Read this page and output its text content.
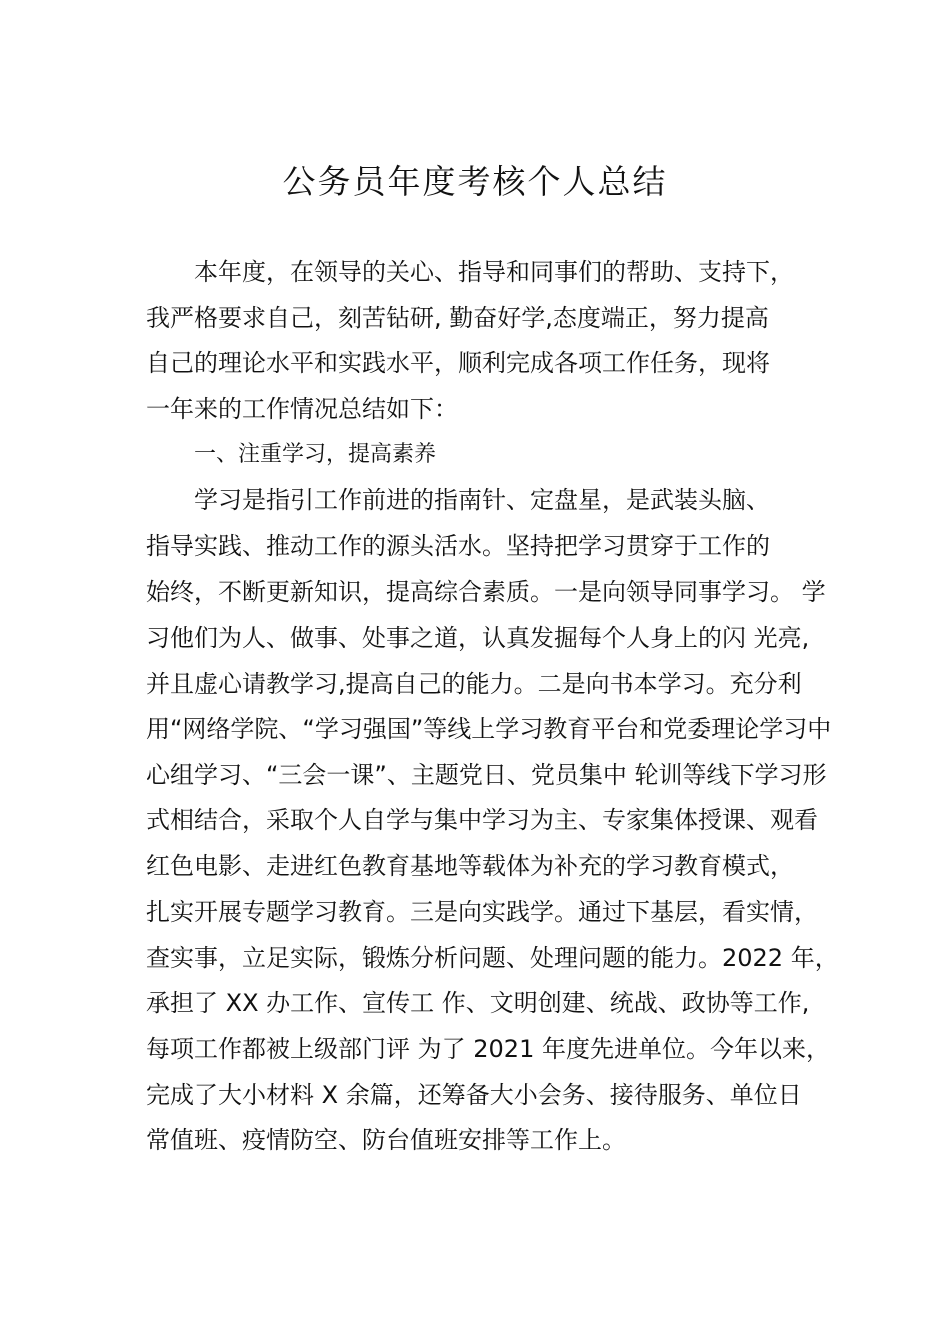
公务员年度考核个人总结
本年度，在领导的关心、指导和同事们的帮助、支持下，
我严格要求自己，刻苦钻研, 勤奋好学,态度端正，努力提高
自己的理论水平和实践水平，顺利完成各项工作任务，现将
一年来的工作情况总结如下：
一、注重学习，提高素养
学习是指引工作前进的指南针、定盘星，是武装头脑、
指导实践、推动工作的源头活水。坚持把学习贯穿于工作的
始终，不断更新知识，提高综合素质。一是向领导同事学习。 学
习他们为人、做事、处事之道，认真发掘每个人身上的闪 光亮,
并且虚心请教学习,提高自己的能力。二是向书本学习。充分利
用“网络学院、“学习强国”等线上学习教育平台和党委理论学习中
心组学习、“三会一课”、主题党日、党员集中 轮训等线下学习形
式相结合，采取个人自学与集中学习为主、专家集体授课、观看
红色电影、走进红色教育基地等载体为补充的学习教育模式，
扎实开展专题学习教育。三是向实践学。通过下基层，看实情，
查实事，立足实际，锻炼分析问题、处理问题的能力。2022 年，
承担了 XX 办工作、宣传工 作、文明创建、统战、政协等工作,
每项工作都被上级部门评 为了 2021 年度先进单位。今年以来，
完成了大小材料 X 余篇，还筹备大小会务、接待服务、单位日
常值班、疫情防空、防台值班安排等工作上。
